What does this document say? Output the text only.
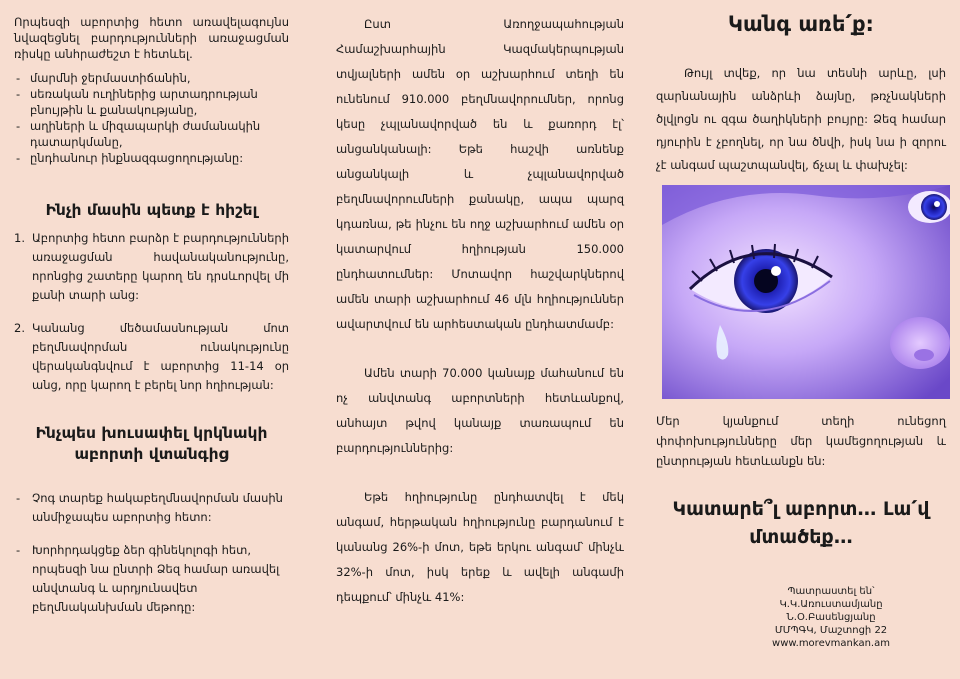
Որպեսզի աբորտից հետո առավելագույնս նվազեցնել բարդությունների առաջացման ռիսկը անհրաժեշտ է հետևել.

- մարմնի ջերմաստիճանին,
- սեռական ուղիներից արտադրության բնույթին և քանակությանը,
- աղիների և միզապարկի ժամանակին դատարկմանը,
- ընդհանուր ինքնազգացողությանը:
Ինչի մասին պետք է հիշել
1. Աբորտից հետո բարձր է բարդությունների առաջացման հավանականությունը, որոնցից շատերը կարող են դրսևորվել մի քանի տարի անց:
2. Կանանց մեծամասնության մոտ բեղմնավորման ունակությունը վերականգնվում է աբորտից 11-14 օր անց, որը կարող է բերել նոր հղիության:
Ինչպես խուսափել կրկնակի աբորտի վտանգից
- Չոգ տարեք հակաբեղմնավորման մասին անմիջապես աբորտից հետո:
- Խորհրդակցեք ձեր գինեկոլոգի հետ, որպեսզի նա ընտրի Ձեզ համար առավել անվտանգ և արդյունավետ բեղմնականխման մեթոդը:

Ըստ Առողջապահության Համաշխարհային Կազմակերպության տվյալների ամեն օր աշխարհում տեղի են ունենում 910.000 բեղմնավորումներ, որոնց կեսը չպլանավորված են և քառորդ էլ՝ անցանկանալի: Եթե հաշվի առնենք անցանկալի և չպլանավորված բեղմնավորումների քանակը, ապա պարզ կդառնա, թե ինչու են ողջ աշխարհում ամեն օր կատարվում հղիության 150.000 ընդհատումներ: Մոտավոր հաշվարկներով ամեն տարի աշխարհում 46 մլն հղիություններ ավարտվում են արհեստական ընդհատմամբ:

Ամեն տարի 70.000 կանայք մահանում են ոչ անվտանգ աբորտների հետևանքով, անհայտ թվով կանայք տառապում են բարդություններից:

Եթե հղիությունը ընդհատվել է մեկ անգամ, հերթական հղիությունը բարդանում է կանանց 26%-ի մոտ, եթե երկու անգամ՝ մինչև 32%-ի մոտ, իսկ երեք և ավելի անգամի դեպքում՝ մինչև 41%:

Կանգ առե՛ք:

Թույլ տվեք, որ նա տեսնի արևը, լսի զարնանային անձրևի ձայնը, թռչնակների ծլվլոցն ու զգա ծաղիկների բույրը: Ձեզ համար դյուրին է չբողնել, որ նա ծնվի, իսկ նա ի զորու չէ անգամ պաշտպանվել, ճչալ և փախչել:

Մեր կյանքում տեղի ունեցող փոփոխությունները մեր կամեցողության և ընտրության հետևանքն են:

Կատարե՞լ աբորտ… Լա՛վ մտածեք…

Պատրաստել են՝
Կ.Կ.Առուստամյանը
Ն.Օ.Բասենցյանը
ՄՄՊԳԿ, Մաշտոցի 22
www.morevmankan.am
